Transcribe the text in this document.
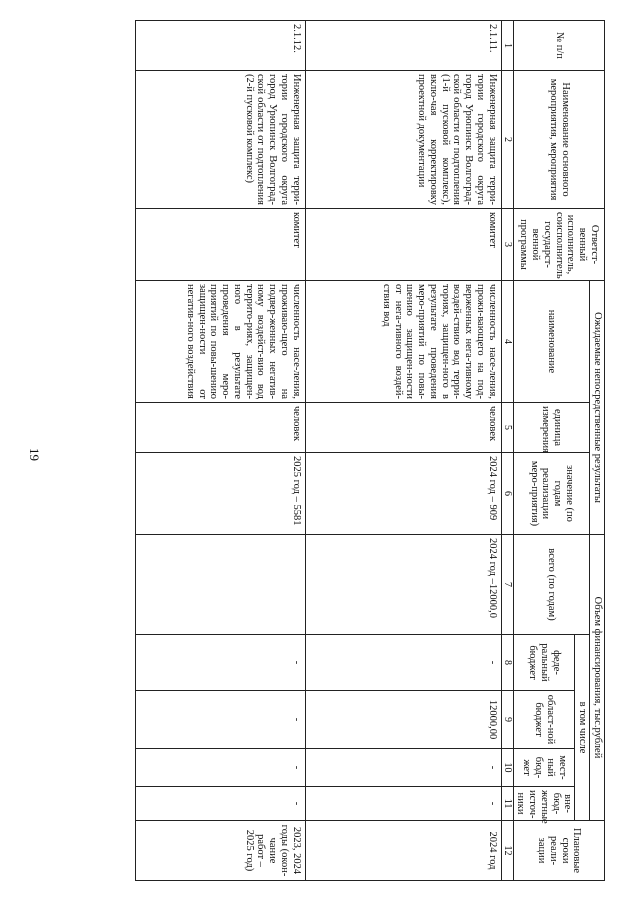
19
№ п/п	Наименование основного мероприятия, мероприятия	Ответст-венный исполнитель, соисполнитель государст-венной программы	Ожидаемые непосредственные результаты			Объем финансирования, тыс.рублей					Плановые сроки реали-зации
			наименование	единица измерения	значение (по годам реализации меро-приятия)	всего (по годам)	в том числе				
							феде-ральный бюджет	област-ной бюджет	мест-ный бюд-жет	вне-бюд-жетные источ-ники	
1	2	3	4	5	6	7	8	9	10	11	12
2.1.11.	Инженерная защита терри-тории городского округа город Урюпинск Волгоград-ской области от подтопления (1-й пусковой комплекс), вклю-чая корректировку проектной документации	комитет	численность насе-ления, прожи-вающего на под-верженных нега-тивному воздей-ствию вод терри-ториях, защищен-ного в результате проведения меро-приятий по повы-шению защищен-ности от нега-тивного воздей-ствия вод	человек	2024 год – 909	2024 год –12000,0	-	12000,00	-	-	2024 год
2.1.12.	Инженерная защита терри-тории городского округа город Урюпинск Волгоград-ской области от подтопления (2-й пусковой комплекс)	комитет	численность насе-ления, проживаю-щего на подвер-женных негатив-ному воздейст-вию вод террито-риях, защищен-ного в результате проведения меро-приятий по повы-шению защищен-ности от негатив-ного воздействия	человек	2025 год – 5581		-	-	-	-	2023, 2024 годы (окон-чание работ – 2025 год)
